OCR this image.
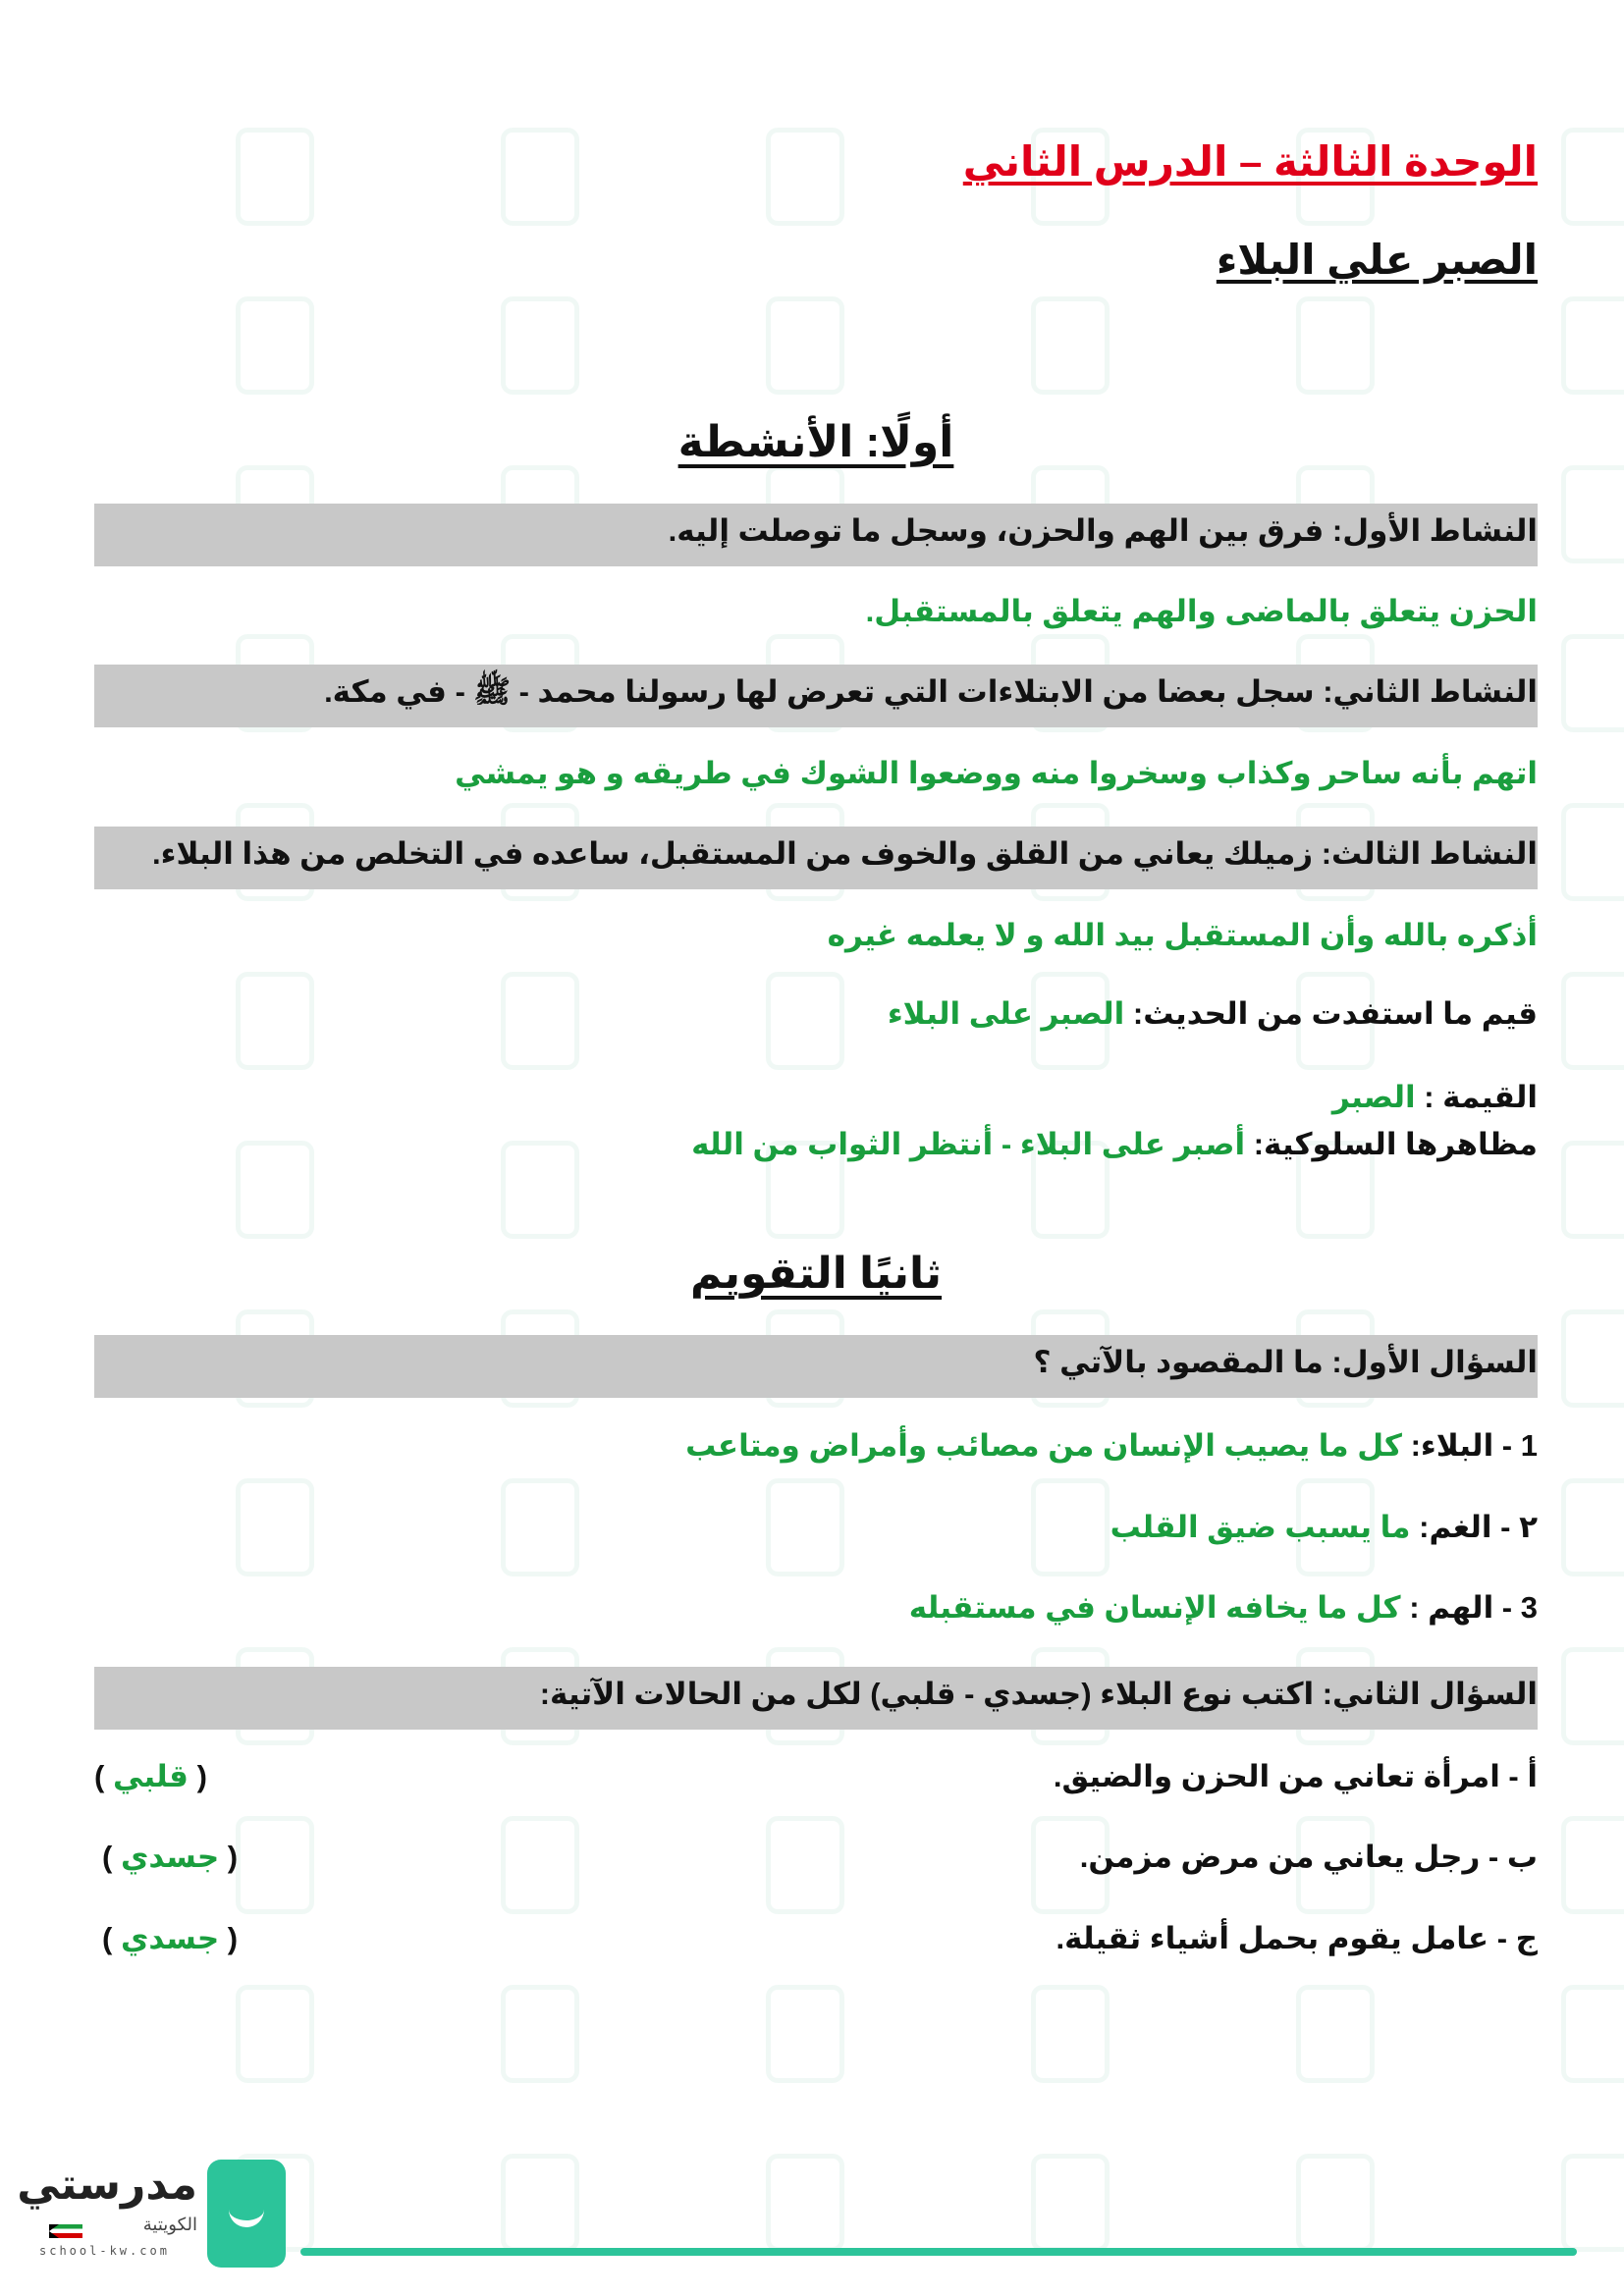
الوحدة الثالثة – الدرس الثاني
الصبر علي البلاء
أولًا: الأنشطة
النشاط الأول: فرق بين الهم والحزن، وسجل ما توصلت إليه.
الحزن يتعلق بالماضى والهم يتعلق بالمستقبل.
النشاط الثاني: سجل بعضا من الابتلاءات التي تعرض لها رسولنا محمد - ﷺ - في مكة.
اتهم بأنه ساحر وكذاب وسخروا منه ووضعوا الشوك في طريقه و هو يمشي
النشاط الثالث: زميلك يعاني من القلق والخوف من المستقبل، ساعده في التخلص من هذا البلاء.
أذكره بالله وأن المستقبل بيد الله و لا يعلمه غيره
قيم ما استفدت من الحديث: الصبر على البلاء
القيمة : الصبر
مظاهرها السلوكية: أصبر على البلاء - أنتظر الثواب من الله
ثانيًا التقويم
السؤال الأول: ما المقصود بالآتي ؟
1 - البلاء: كل ما يصيب الإنسان من مصائب وأمراض ومتاعب
٢ - الغم: ما يسبب ضيق القلب
3 - الهم : كل ما يخافه الإنسان في مستقبله
السؤال الثاني: اكتب نوع البلاء (جسدي - قلبي) لكل من الحالات الآتية:
أ - امرأة تعاني من الحزن والضيق.
( قلبي )
ب - رجل يعاني من مرض مزمن.
( جسدي )
ج - عامل يقوم بحمل أشياء ثقيلة.
( جسدي )
مدرستي
الكويتية
school-kw.com
